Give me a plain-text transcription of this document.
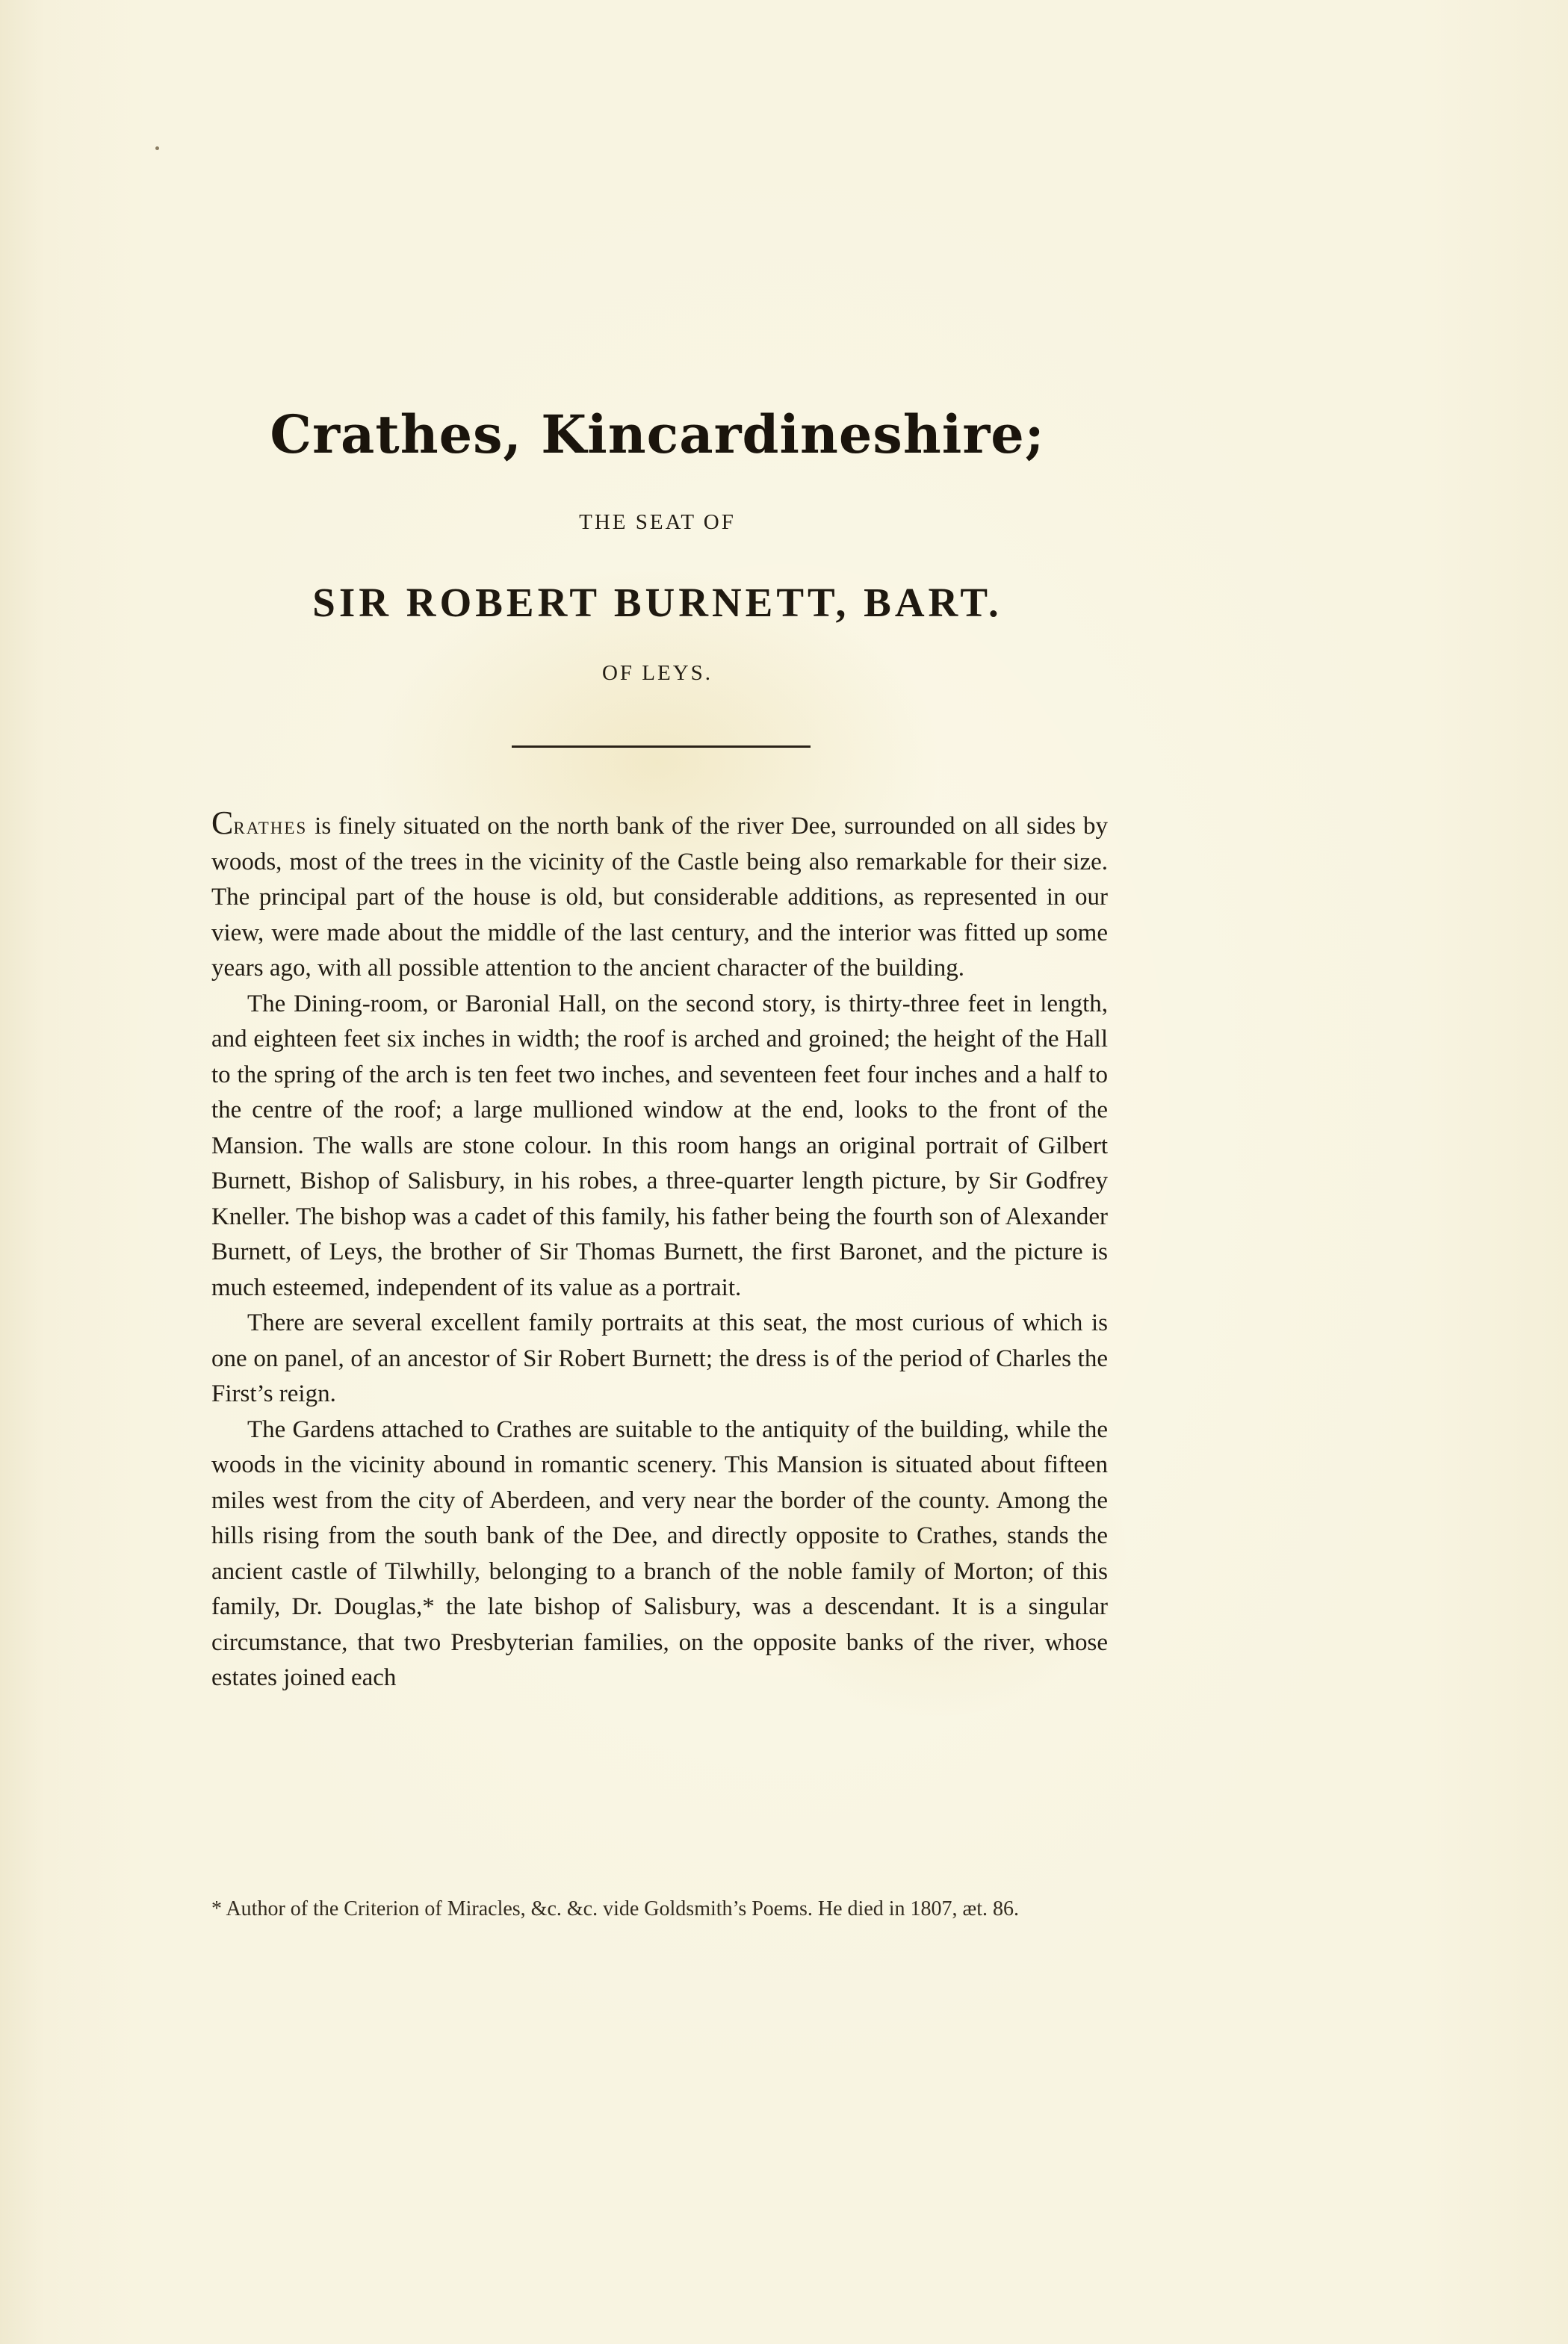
Crathes, Kincardineshire;
THE SEAT OF
SIR ROBERT BURNETT, BART.
OF LEYS.

Crathes is finely situated on the north bank of the river Dee, surrounded on all sides by woods, most of the trees in the vicinity of the Castle being also remarkable for their size. The principal part of the house is old, but considerable additions, as represented in our view, were made about the middle of the last century, and the interior was fitted up some years ago, with all possible attention to the ancient character of the building.

The Dining-room, or Baronial Hall, on the second story, is thirty-three feet in length, and eighteen feet six inches in width; the roof is arched and groined; the height of the Hall to the spring of the arch is ten feet two inches, and seventeen feet four inches and a half to the centre of the roof; a large mullioned window at the end, looks to the front of the Mansion. The walls are stone colour. In this room hangs an original portrait of Gilbert Burnett, Bishop of Salisbury, in his robes, a three-quarter length picture, by Sir Godfrey Kneller. The bishop was a cadet of this family, his father being the fourth son of Alexander Burnett, of Leys, the brother of Sir Thomas Burnett, the first Baronet, and the picture is much esteemed, independent of its value as a portrait.

There are several excellent family portraits at this seat, the most curious of which is one on panel, of an ancestor of Sir Robert Burnett; the dress is of the period of Charles the First’s reign.

The Gardens attached to Crathes are suitable to the antiquity of the building, while the woods in the vicinity abound in romantic scenery. This Mansion is situated about fifteen miles west from the city of Aberdeen, and very near the border of the county. Among the hills rising from the south bank of the Dee, and directly opposite to Crathes, stands the ancient castle of Tilwhilly, belonging to a branch of the noble family of Morton; of this family, Dr. Douglas,* the late bishop of Salisbury, was a descendant. It is a singular circumstance, that two Presbyterian families, on the opposite banks of the river, whose estates joined each

* Author of the Criterion of Miracles, &c. &c. vide Goldsmith’s Poems. He died in 1807, æt. 86.
